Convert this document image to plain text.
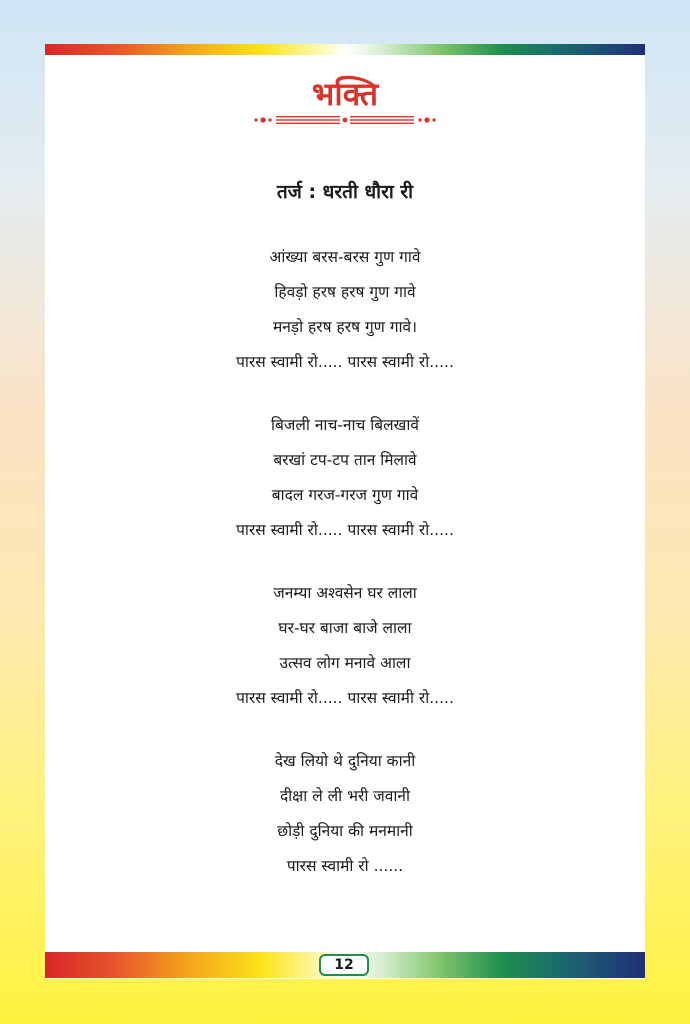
भक्ति
तर्ज : धरती धौरा री
आंख्या बरस-बरस गुण गावे
हिवड़ो हरष हरष गुण गावे
मनड़ो हरष हरष गुण गावे।
पारस स्वामी रो..... पारस स्वामी रो.....
बिजली नाच-नाच बिलखावें
बरखां टप-टप तान मिलावे
बादल गरज-गरज गुण गावे
पारस स्वामी रो..... पारस स्वामी रो.....
जनम्या अश्वसेन घर लाला
घर-घर बाजा बाजे लाला
उत्सव लोग मनावे आला
पारस स्वामी रो..... पारस स्वामी रो.....
देख लियो थे दुनिया कानी
दीक्षा ले ली भरी जवानी
छोड़ी दुनिया की मनमानी
पारस स्वामी रो ......
12
